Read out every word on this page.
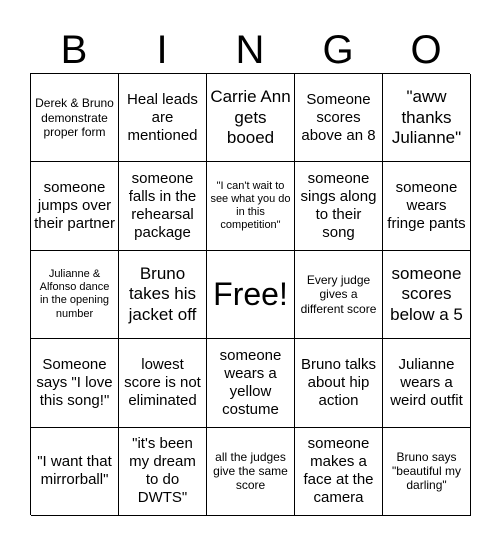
B	I	N	G	O
Derek & Bruno demonstrate proper form
Heal leads are mentioned
Carrie Ann gets booed
Someone scores above an 8
"aww thanks Julianne"
someone jumps over their partner
someone falls in the rehearsal package
"I can't wait to see what you do in this competition"
someone sings along to their song
someone wears fringe pants
Julianne & Alfonso dance in the opening number
Bruno takes his jacket off
Free!	Every judge gives a different score
someone scores below a 5
Someone says "I love this song!"
lowest score is not eliminated
someone wears a yellow costume
Bruno talks about hip action
Julianne wears a weird outfit
"I want that mirrorball"
"it's been my dream to do DWTS"
all the judges give the same score
someone makes a face at the camera
Bruno says "beautiful my darling"
